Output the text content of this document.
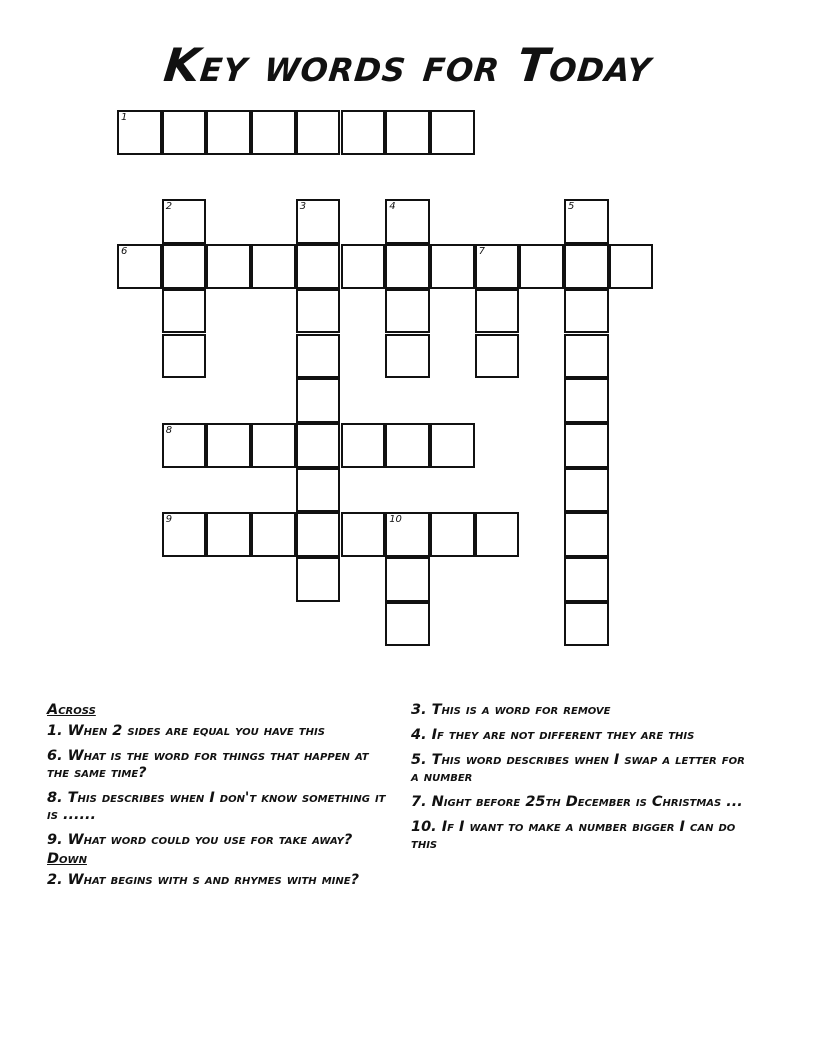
Key words for Today
1
2	3	4	5
6	7
8
9	10
Across
1. When 2 sides are equal you have this
6. What is the word for things that happen at the same time?
8. This describes when I don't know something it is ......
9. What word could you use for take away?
Down
2. What begins with s and rhymes with mine?
3. This is a word for remove
4. If they are not different they are this
5. This word describes when I swap a letter for a number
7. Night before 25th December is Christmas ...
10. If I want to make a number bigger I can do this
